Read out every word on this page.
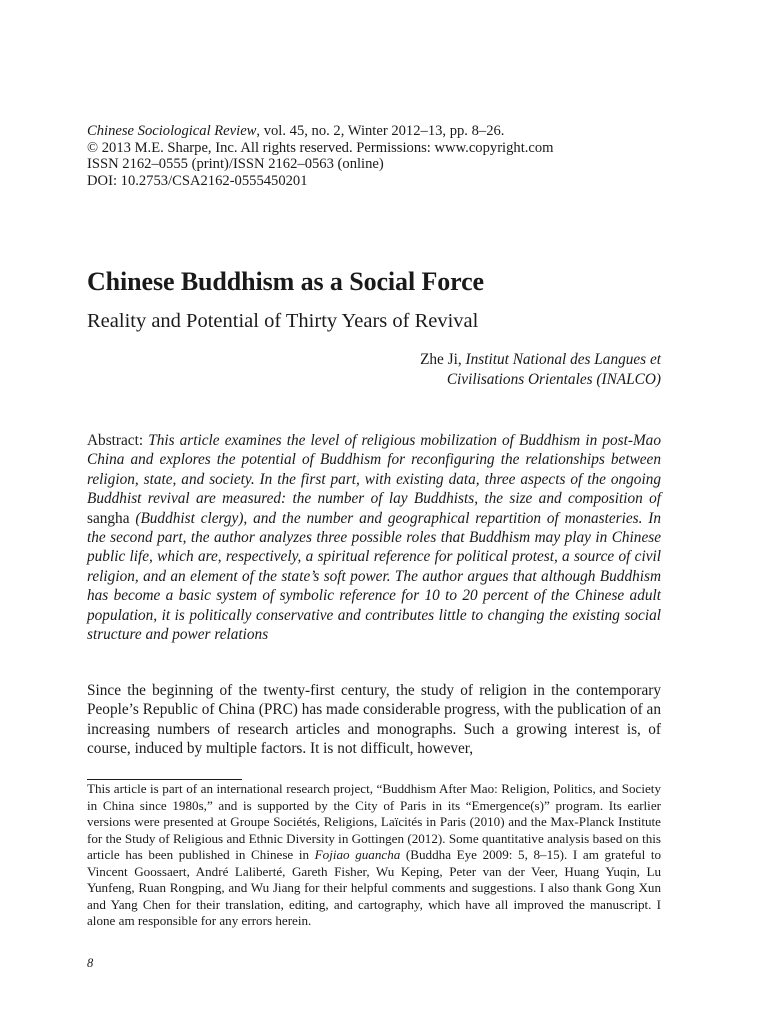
Chinese Sociological Review, vol. 45, no. 2, Winter 2012–13, pp. 8–26.
© 2013 M.E. Sharpe, Inc. All rights reserved. Permissions: www.copyright.com
ISSN 2162–0555 (print)/ISSN 2162–0563 (online)
DOI: 10.2753/CSA2162-0555450201
Chinese Buddhism as a Social Force
Reality and Potential of Thirty Years of Revival
Zhe Ji, Institut National des Langues et
Civilisations Orientales (INALCO)

Abstract: This article examines the level of religious mobilization of Buddhism in post-Mao China and explores the potential of Buddhism for reconfiguring the relationships between religion, state, and society. In the first part, with existing data, three aspects of the ongoing Buddhist revival are measured: the number of lay Buddhists, the size and composition of sangha (Buddhist clergy), and the number and geographical repartition of monasteries. In the second part, the author analyzes three possible roles that Buddhism may play in Chinese public life, which are, respectively, a spiritual reference for political protest, a source of civil religion, and an element of the state’s soft power. The author argues that although Buddhism has become a basic system of symbolic reference for 10 to 20 percent of the Chinese adult population, it is politically conservative and contributes little to changing the existing social structure and power relations

Since the beginning of the twenty-first century, the study of religion in the contemporary People’s Republic of China (PRC) has made considerable progress, with the publication of an increasing numbers of research articles and monographs. Such a growing interest is, of course, induced by multiple factors. It is not difficult, however,

This article is part of an international research project, “Buddhism After Mao: Religion, Politics, and Society in China since 1980s,” and is supported by the City of Paris in its “Emergence(s)” program. Its earlier versions were presented at Groupe Sociétés, Religions, Laïcités in Paris (2010) and the Max-Planck Institute for the Study of Religious and Ethnic Diversity in Gottingen (2012). Some quantitative analysis based on this article has been published in Chinese in Fojiao guancha (Buddha Eye 2009: 5, 8–15). I am grateful to Vincent Goossaert, André Laliberté, Gareth Fisher, Wu Keping, Peter van der Veer, Huang Yuqin, Lu Yunfeng, Ruan Rongping, and Wu Jiang for their helpful comments and suggestions. I also thank Gong Xun and Yang Chen for their translation, editing, and cartography, which have all improved the manuscript. I alone am responsible for any errors herein.

8
